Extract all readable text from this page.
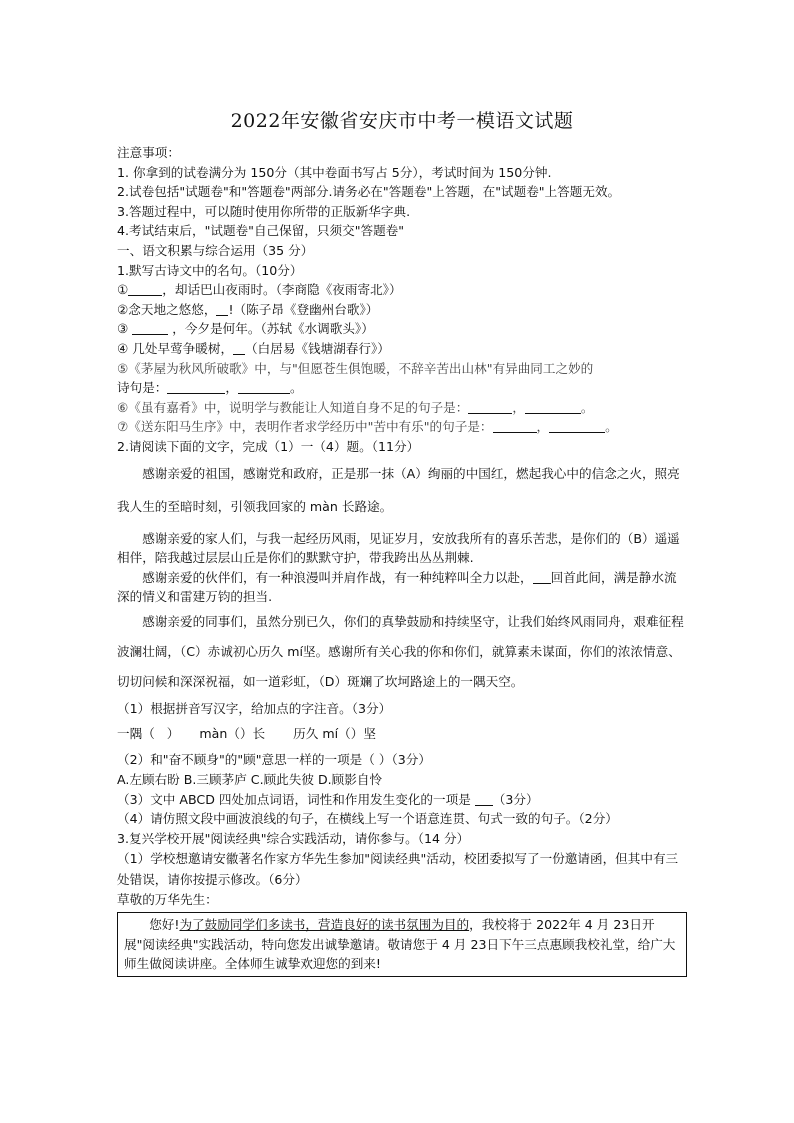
2022年安徽省安庆市中考一模语文试题
注意事项：
1. 你拿到的试卷满分为 150分（其中卷面书写占 5分），考试时间为 150分钟.
2.试卷包括"试题卷"和"答题卷"两部分.请务必在"答题卷"上答题，在"试题卷"上答题无效。
3.答题过程中，可以随时使用你所带的正版新华字典.
4.考试结束后，"试题卷"自己保留，只须交"答题卷"
一、语文积累与综合运用（35 分）
1.默写古诗文中的名句。（10分）
①	，却话巴山夜雨时。（李商隐《夜雨寄北》）
②念天地之悠悠， !（陈子昂《登幽州台歌》）
③	，今夕是何年。（苏轼《水调歌头》）
④ 几处早莺争暖树， （白居易《钱塘湖春行》）
⑤《茅屋为秋风所破歌》中，与"但愿苍生俱饱暖，不辞辛苦出山林"有异曲同工之妙的
诗句是：	，	。
⑥《虽有嘉肴》中，说明学与教能让人知道自身不足的句子是：	，	。
⑦《送东阳马生序》中，表明作者求学经历中"苦中有乐"的句子是：	，	。
2.请阅读下面的文字，完成（1）一（4）题。（11分）
感谢亲爱的祖国，感谢党和政府，正是那一抹（A）绚丽的中国红，燃起我心中的信念之火，照亮我人生的至暗时刻，引领我回家的 màn 长路途。
感谢亲爱的家人们，与我一起经历风雨，见证岁月，安放我所有的喜乐苦悲，是你们的（B）遥遥相伴，陪我越过层层山丘是你们的默默守护，带我跨出丛丛荆棘.
感谢亲爱的伙伴们，有一种浪漫叫并肩作战，有一种纯粹叫全力以赴， 回首此间，满是静水流深的情义和雷建万钧的担当.
感谢亲爱的同事们，虽然分别已久，你们的真挚鼓励和持续坚守，让我们始终风雨同舟，艰难征程波澜壮阔，（C）赤诚初心历久 mí坚。感谢所有关心我的你和你们，就算素未谋面，你们的浓浓情意、切切问候和深深祝福，如一道彩虹，（D）斑斓了坎坷路途上的一隅天空。
（1）根据拼音写汉字，给加点的字注音。（3分）
一隅（   ）     màn（）长       历久 mí（）坚
（2）和"奋不顾身"的"顾"意思一样的一项是（ ）（3分）
A.左顾右盼 B.三顾茅庐 C.顾此失彼 D.顾影自怜
（3）文中 ABCD 四处加点词语，词性和作用发生变化的一项是 （3分）
（4）请仿照文段中画波浪线的句子，在横线上写一个语意连贯、句式一致的句子。（2分）
3.复兴学校开展"阅读经典"综合实践活动，请你参与。（14 分）
（1）学校想邀请安徽著名作家方华先生参加"阅读经典"活动，校团委拟写了一份邀请函，但其中有三处错误，请你按提示修改。（6分）
草敬的万华先生：
您好!为了鼓励同学们多读书，营造良好的读书氛围为目的，我校将于 2022年 4 月 23日开展"阅读经典"实践活动，特向您发出诚挚邀请。敬请您于 4 月 23日下午三点惠顾我校礼堂，给广大师生做阅读讲座。全体师生诚挚欢迎您的到来!
